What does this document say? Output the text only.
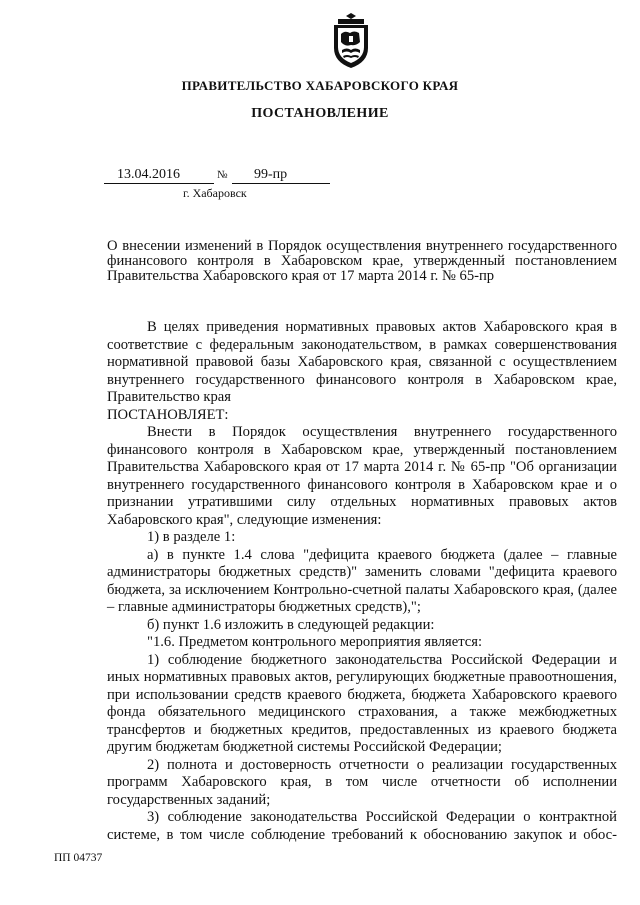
ПРАВИТЕЛЬСТВО ХАБАРОВСКОГО КРАЯ
ПОСТАНОВЛЕНИЕ
13.04.2016	№	99-пр
г. Хабаровск
О внесении изменений в Порядок осуществления внутреннего государственного финансового контроля в Хабаровском крае, утвержденный постановлением Правительства Хабаровского края от 17 марта 2014 г. № 65-пр

В целях приведения нормативных правовых актов Хабаровского края в соответствие с федеральным законодательством, в рамках совершенствования нормативной правовой базы Хабаровского края, связанной с осуществлением внутреннего государственного финансового контроля в Хабаровском крае, Правительство края

ПОСТАНОВЛЯЕТ:

Внести в Порядок осуществления внутреннего государственного финансового контроля в Хабаровском крае, утвержденный постановлением Правительства Хабаровского края от 17 марта 2014 г. № 65-пр "Об организации внутреннего государственного финансового контроля в Хабаровском крае и о признании утратившими силу отдельных нормативных правовых актов Хабаровского края", следующие изменения:

1) в разделе 1:

а) в пункте 1.4 слова "дефицита краевого бюджета (далее – главные администраторы бюджетных средств)" заменить словами "дефицита краевого бюджета, за исключением Контрольно-счетной палаты Хабаровского края, (далее – главные администраторы бюджетных средств),";

б) пункт 1.6 изложить в следующей редакции:

"1.6. Предметом контрольного мероприятия является:

1) соблюдение бюджетного законодательства Российской Федерации и иных нормативных правовых актов, регулирующих бюджетные правоотношения, при использовании средств краевого бюджета, бюджета Хабаровского краевого фонда обязательного медицинского страхования, а также межбюджетных трансфертов и бюджетных кредитов, предоставленных из краевого бюджета другим бюджетам бюджетной системы Российской Федерации;

2) полнота и достоверность отчетности о реализации государственных программ Хабаровского края, в том числе отчетности об исполнении государственных заданий;

3) соблюдение законодательства Российской Федерации о контрактной системе, в том числе соблюдение требований к обоснованию закупок и обос-

ПП 04737
